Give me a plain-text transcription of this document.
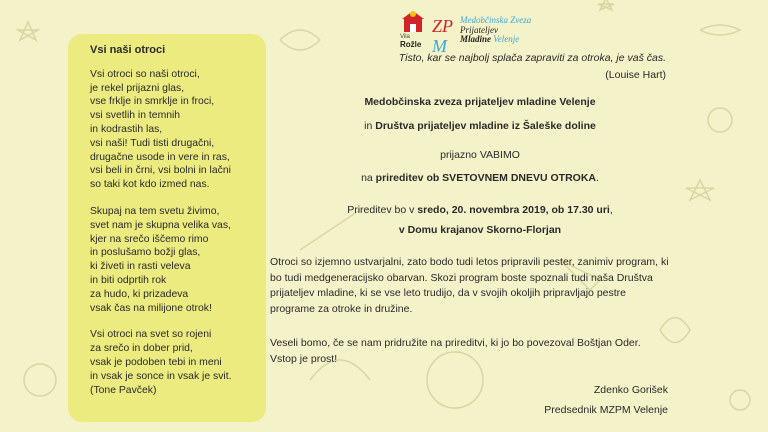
Vsi naši otroci
Vsi otroci so naši otroci,
je rekel prijazni glas,
vse frklje in smrklje in froci,
vsi svetlih in temnih
in kodrastih las,
vsi naši! Tudi tisti drugačni,
drugačne usode in vere in ras,
vsi beli in črni, vsi bolni in lačni
so taki kot kdo izmed nas.
Skupaj na tem svetu živimo,
svet nam je skupna velika vas,
kjer na srečo iščemo rimo
in poslušamo božji glas,
ki živeti in rasti veleva
in biti odprtih rok
za hudo, ki prizadeva
vsak čas na milijone otrok!
Vsi otroci na svet so rojeni
za srečo in dober prid,
vsak je podoben tebi in meni
in vsak je sonce in vsak je svit.
(Tone Pavček)
Vila
Rožle
ZP
M
Medobčinska Zveza
Prijateljev
Mladine Velenje
Tisto, kar se najbolj splača zapraviti za otroka, je vaš čas.
(Louise Hart)
Medobčinska zveza prijateljev mladine Velenje
in Društva prijateljev mladine iz Šaleške doline
prijazno VABIMO
na prireditev ob SVETOVNEM DNEVU OTROKA.
Prireditev bo v sredo, 20. novembra 2019, ob 17.30 uri,
v Domu krajanov Skorno-Florjan
Otroci so izjemno ustvarjalni, zato bodo tudi letos pripravili pester, zanimiv program, ki bo tudi medgeneracijsko obarvan. Skozi program boste spoznali tudi naša Društva prijateljev mladine, ki se vse leto trudijo, da v svojih okoljih pripravljajo pestre programe za otroke in družine.
Veseli bomo, če se nam pridružite na prireditvi, ki jo bo povezoval Boštjan Oder. Vstop je prost!
Zdenko Gorišek
Predsednik MZPM Velenje
